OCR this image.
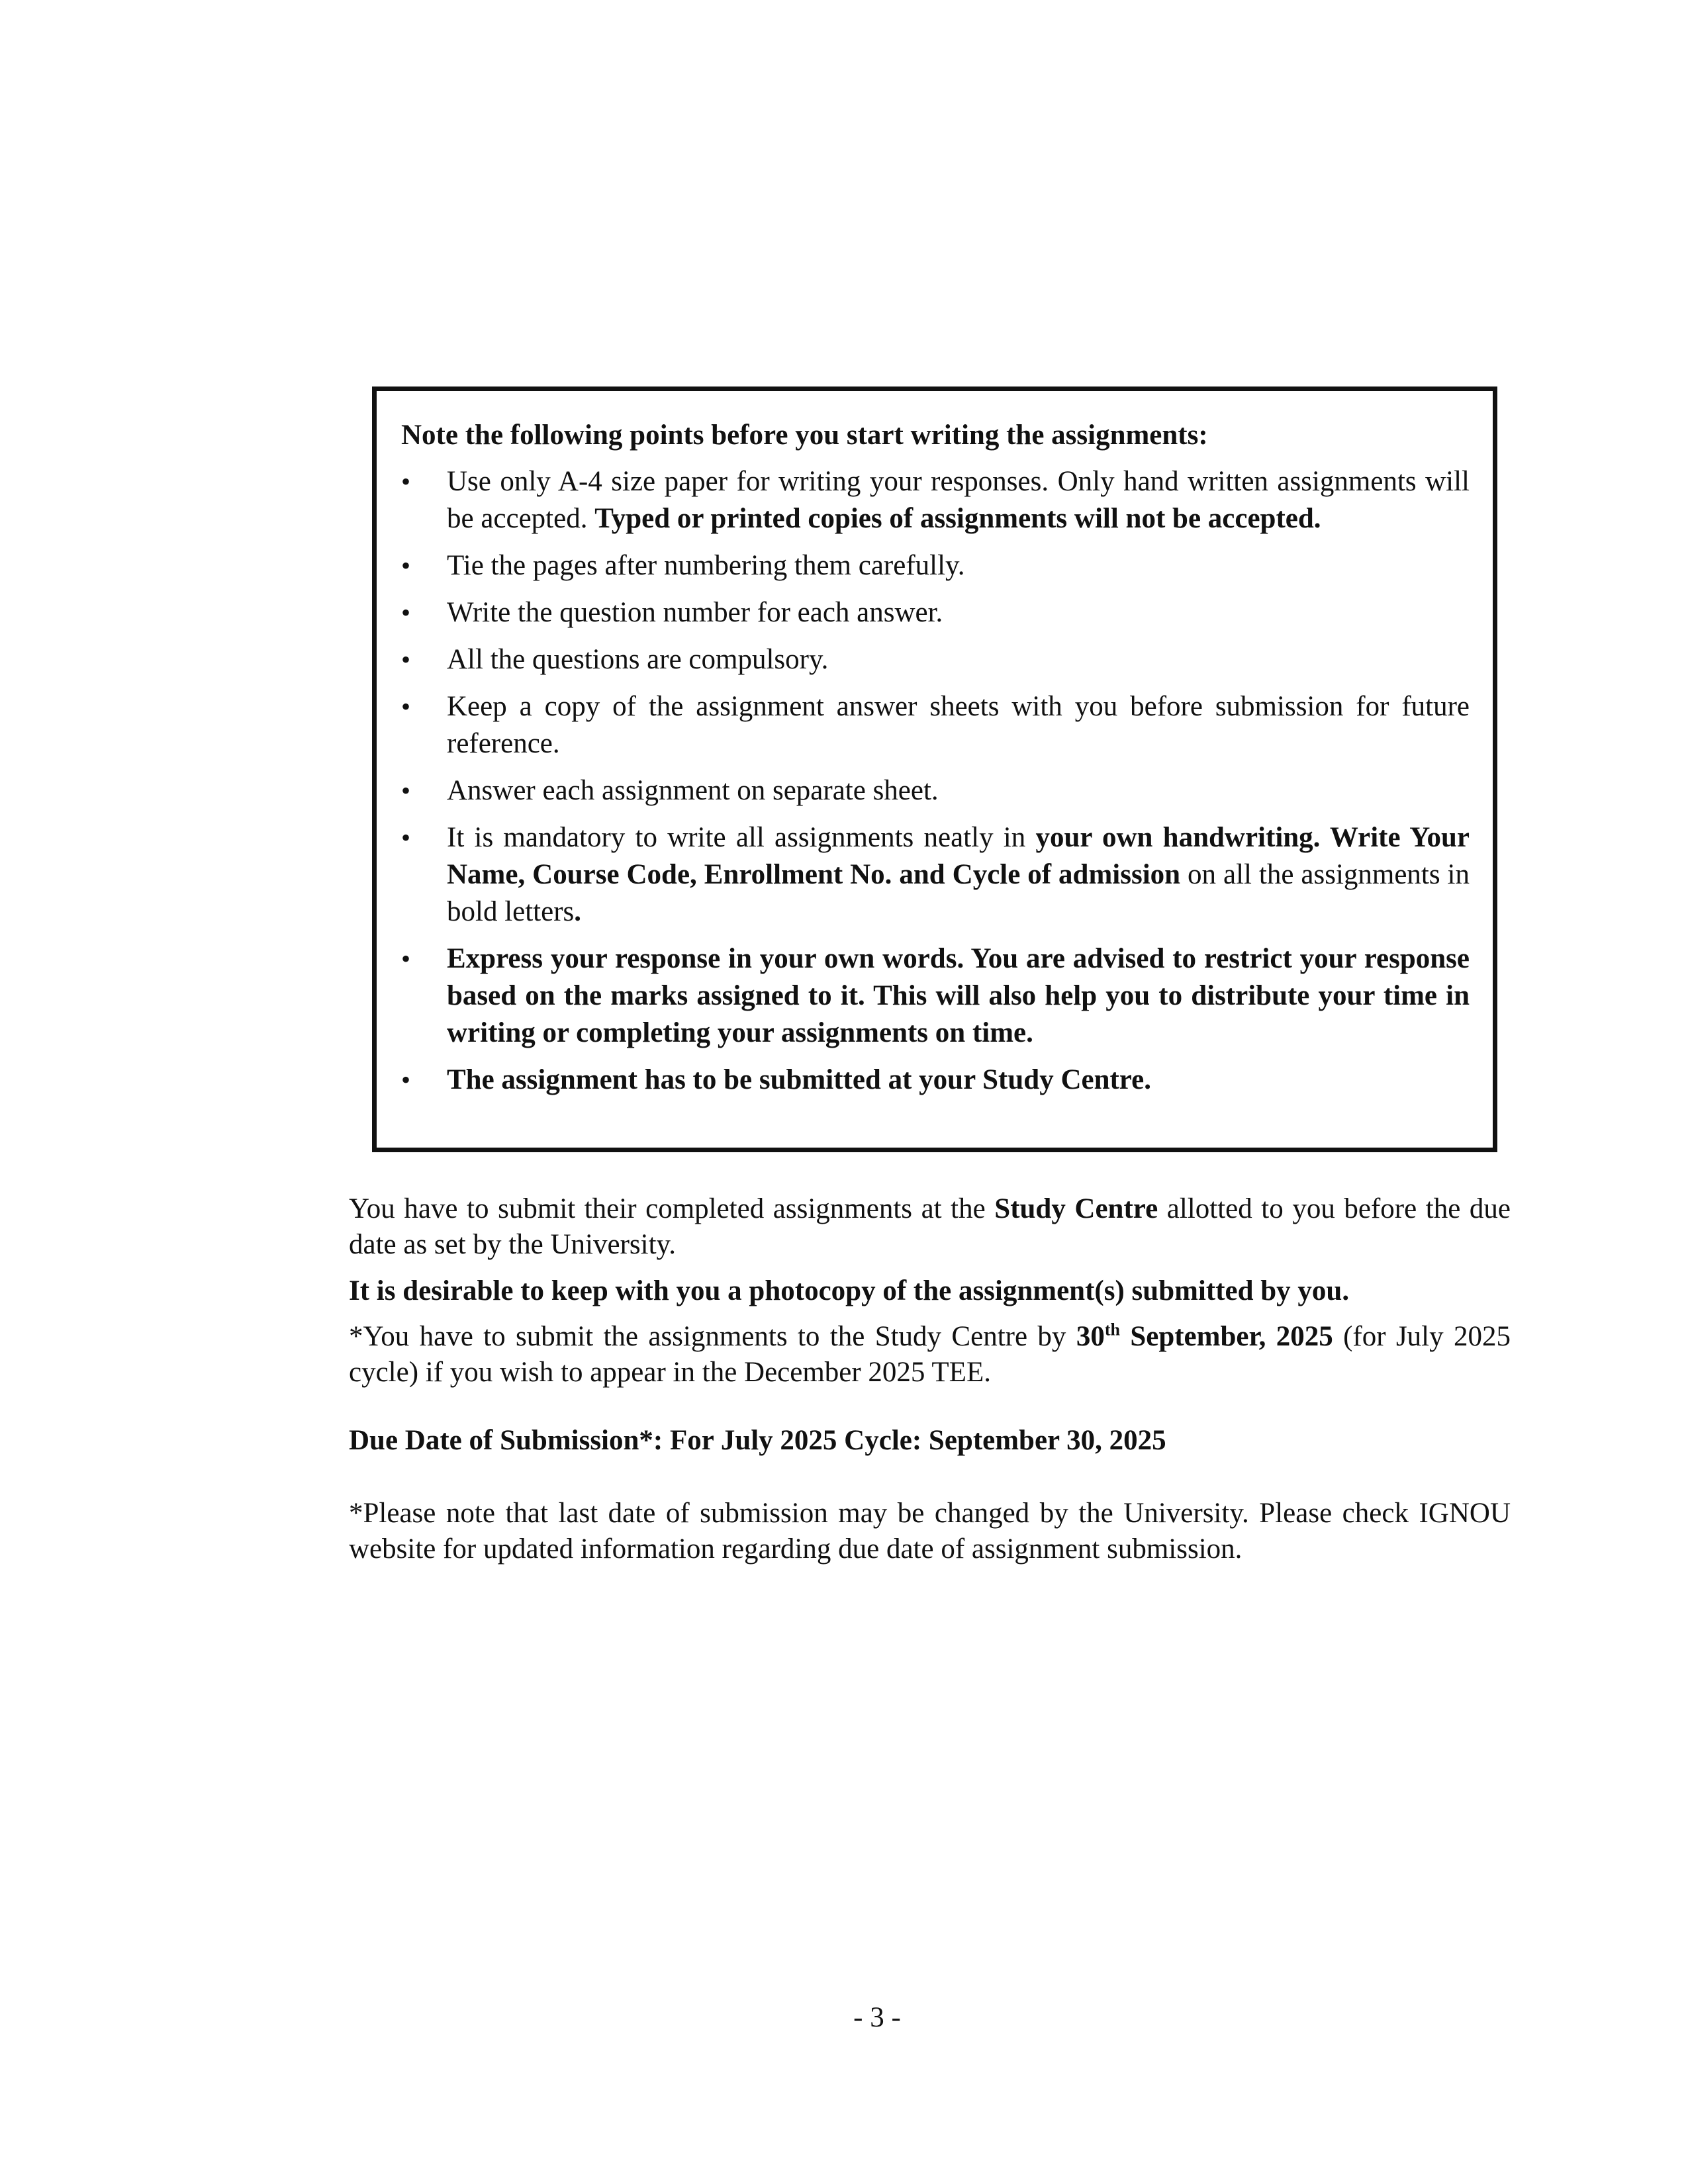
Note the following points before you start writing the assignments:
•	Use only A-4 size paper for writing your responses. Only hand written assignments will be accepted. Typed or printed copies of assignments will not be accepted.
•	Tie the pages after numbering them carefully.
•	Write the question number for each answer.
•	All the questions are compulsory.
•	Keep a copy of the assignment answer sheets with you before submission for future reference.
•	Answer each assignment on separate sheet.
•	It is mandatory to write all assignments neatly in your own handwriting. Write Your Name, Course Code, Enrollment No. and Cycle of admission on all the assignments in bold letters.
•	Express your response in your own words. You are advised to restrict your response based on the marks assigned to it. This will also help you to distribute your time in writing or completing your assignments on time.
•	The assignment has to be submitted at your Study Centre.
You have to submit their completed assignments at the Study Centre allotted to you before the due date as set by the University.
It is desirable to keep with you a photocopy of the assignment(s) submitted by you.
*You have to submit the assignments to the Study Centre by 30th September, 2025 (for July 2025 cycle) if you wish to appear in the December 2025 TEE.
Due Date of Submission*: For July 2025 Cycle: September 30, 2025
*Please note that last date of submission may be changed by the University. Please check IGNOU website for updated information regarding due date of assignment submission.
- 3 -
